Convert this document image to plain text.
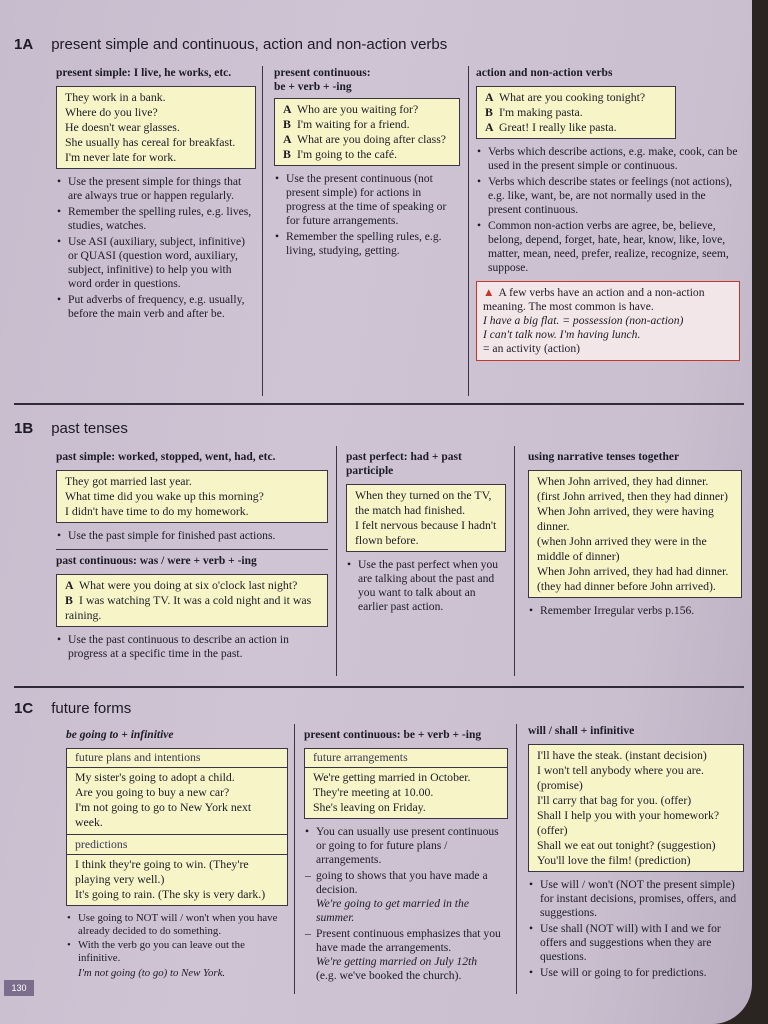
1A present simple and continuous, action and non-action verbs
present simple: I live, he works, etc.

They work in a bank.

Where do you live?

He doesn't wear glasses.

She usually has cereal for breakfast.

I'm never late for work.

• Use the present simple for things that are always true or happen regularly.
• Remember the spelling rules, e.g. lives, studies, watches.
• Use ASI (auxiliary, subject, infinitive) or QUASI (question word, auxiliary, subject, infinitive) to help you with word order in questions.
• Put adverbs of frequency, e.g. usually, before the main verb and after be.
present continuous:
be + verb + -ing

A Who are you waiting for?

B I'm waiting for a friend.

A What are you doing after class?

B I'm going to the café.

• Use the present continuous (not present simple) for actions in progress at the time of speaking or for future arrangements.
• Remember the spelling rules, e.g. living, studying, getting.
action and non-action verbs

A What are you cooking tonight?

B I'm making pasta.

A Great! I really like pasta.

• Verbs which describe actions, e.g. make, cook, can be used in the present simple or continuous.
• Verbs which describe states or feelings (not actions), e.g. like, want, be, are not normally used in the present continuous.
• Common non-action verbs are agree, be, believe, belong, depend, forget, hate, hear, know, like, love, matter, mean, need, prefer, realize, recognize, seem, suppose.
▲ A few verbs have an action and a non-action meaning. The most common is have.
I have a big flat. = possession (non-action)
I can't talk now. I'm having lunch.
= an activity (action)
1B past tenses
past simple: worked, stopped, went, had, etc.

They got married last year.

What time did you wake up this morning?

I didn't have time to do my homework.

• Use the past simple for finished past actions.
past continuous: was / were + verb + -ing

A What were you doing at six o'clock last night?

B I was watching TV. It was a cold night and it was raining.

• Use the past continuous to describe an action in progress at a specific time in the past.
past perfect: had + past participle

When they turned on the TV, the match had finished.

I felt nervous because I hadn't flown before.

• Use the past perfect when you are talking about the past and you want to talk about an earlier past action.
using narrative tenses together

When John arrived, they had dinner.

(first John arrived, then they had dinner)

When John arrived, they were having dinner.

(when John arrived they were in the middle of dinner)

When John arrived, they had had dinner.

(they had dinner before John arrived).

• Remember Irregular verbs p.156.
1C future forms
be going to + infinitive

future plans and intentions

My sister's going to adopt a child.

Are you going to buy a new car?

I'm not going to go to New York next week.

predictions

I think they're going to win. (They're playing very well.)

It's going to rain. (The sky is very dark.)

• Use going to NOT will / won't when you have already decided to do something.
• With the verb go you can leave out the infinitive.
I'm not going (to go) to New York.
present continuous: be + verb + -ing

future arrangements

We're getting married in October.

They're meeting at 10.00.

She's leaving on Friday.

• You can usually use present continuous or going to for future plans / arrangements.
– going to shows that you have made a decision.
We're going to get married in the summer.
– Present continuous emphasizes that you have made the arrangements.
We're getting married on July 12th
(e.g. we've booked the church).
will / shall + infinitive

I'll have the steak. (instant decision)

I won't tell anybody where you are. (promise)

I'll carry that bag for you. (offer)

Shall I help you with your homework? (offer)

Shall we eat out tonight? (suggestion)

You'll love the film! (prediction)

• Use will / won't (NOT the present simple) for instant decisions, promises, offers, and suggestions.
• Use shall (NOT will) with I and we for offers and suggestions when they are questions.
• Use will or going to for predictions.
130
